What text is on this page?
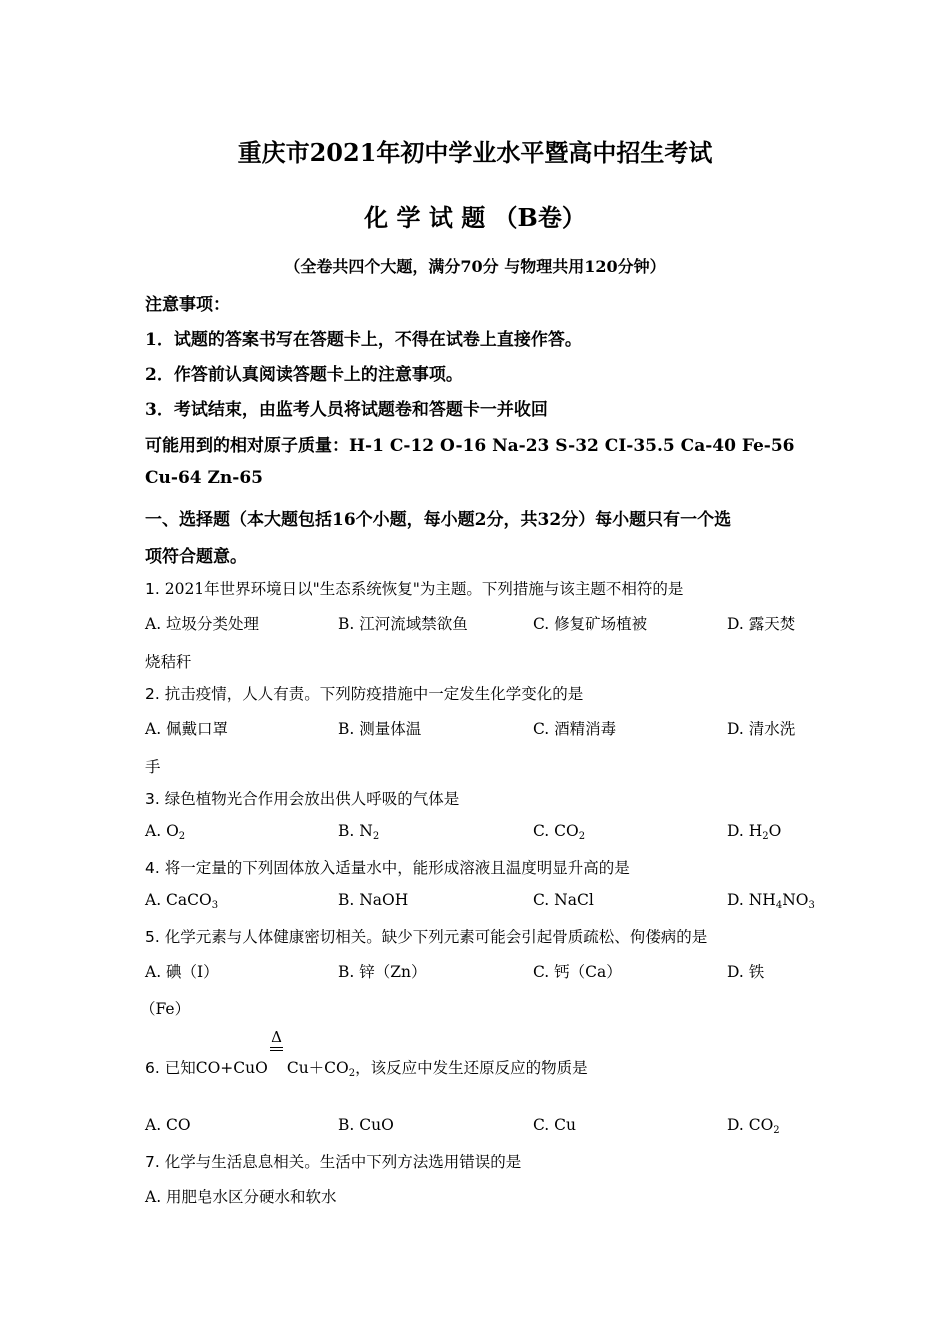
重庆市2021年初中学业水平暨高中招生考试
化 学 试 题 （B卷）
（全卷共四个大题，满分70分 与物理共用120分钟）
注意事项：
1．试题的答案书写在答题卡上，不得在试卷上直接作答。
2．作答前认真阅读答题卡上的注意事项。
3．考试结束，由监考人员将试题卷和答题卡一并收回
可能用到的相对原子质量：H-1 C-12 O-16 Na-23 S-32 CI-35.5 Ca-40 Fe-56
Cu-64 Zn-65
一、选择题（本大题包括16个小题，每小题2分，共32分）每小题只有一个选
项符合题意。
1. 2021年世界环境日以"生态系统恢复"为主题。下列措施与该主题不相符的是
A. 垃圾分类处理	B. 江河流域禁欲鱼	C. 修复矿场植被	D. 露天焚
烧秸秆
2. 抗击疫情，人人有责。下列防疫措施中一定发生化学变化的是
A. 佩戴口罩	B. 测量体温	C. 酒精消毒	D. 清水洗
手
3. 绿色植物光合作用会放出供人呼吸的气体是
A. $O_2$	B. $N_2$	C. $CO_2$	D. $H_2O$
4. 将一定量的下列固体放入适量水中，能形成溶液且温度明显升高的是
A. CaCO$_3$	B. NaOH	C. NaCl	D. $NH_4NO_3$
5. 化学元素与人体健康密切相关。缺少下列元素可能会引起骨质疏松、佝偻病的是
A. 碘（I）	B. 锌（Zn）	C. 钙（Ca）	D. 铁
（Fe）
Δ
6. 已知CO+CuO $Cu+CO_2$，该反应中发生还原反应的物质是
A. CO	B. CuO	C. Cu	D. $CO_2$
7. 化学与生活息息相关。生活中下列方法选用错误的是
A. 用肥皂水区分硬水和软水
